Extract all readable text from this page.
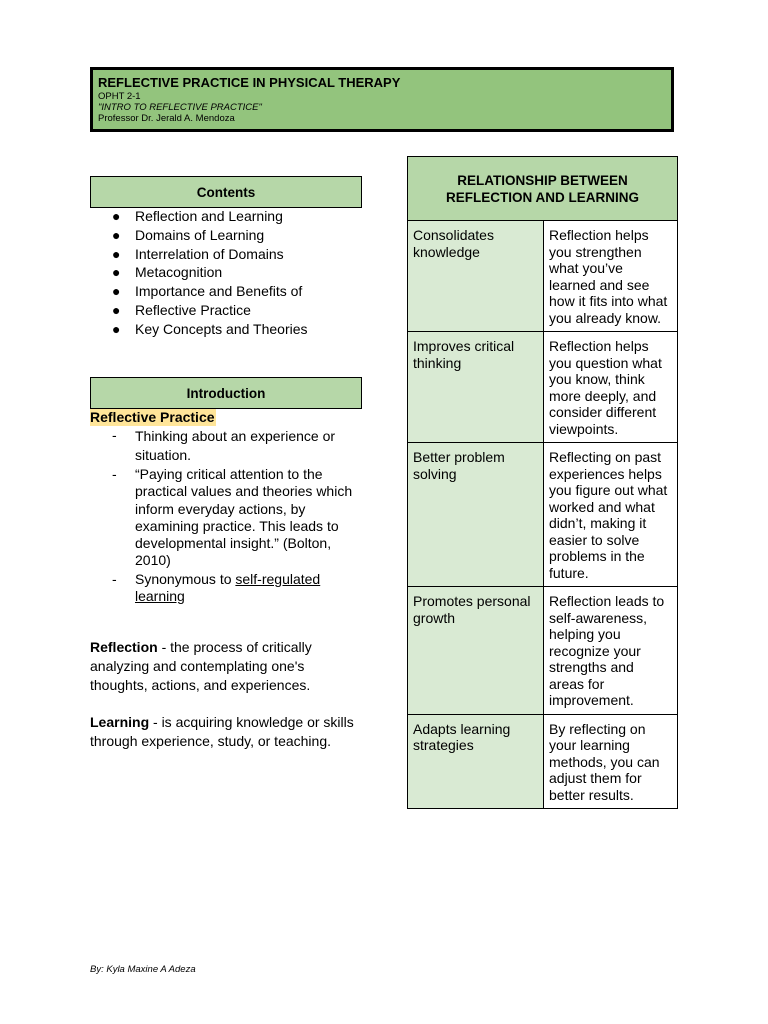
REFLECTIVE PRACTICE IN PHYSICAL THERAPY
OPHT 2-1
"INTRO TO REFLECTIVE PRACTICE"
Professor Dr. Jerald A. Mendoza
Contents
● Reflection and Learning
● Domains of Learning
● Interrelation of Domains
● Metacognition
● Importance and Benefits of
● Reflective Practice
● Key Concepts and Theories
Introduction
Reflective Practice
- Thinking about an experience or
situation.
- “Paying critical attention to the practical values and theories which inform everyday actions, by examining practice. This leads to developmental insight.” (Bolton, 2010)
- Synonymous to self-regulated learning
Reflection - the process of critically analyzing and contemplating one's thoughts, actions, and experiences.
Learning - is acquiring knowledge or skills through experience, study, or teaching.
RELATIONSHIP BETWEEN
REFLECTION AND LEARNING	
Consolidates knowledge	Reflection helps you strengthen what you’ve learned and see how it fits into what you already know.
Improves critical thinking	Reflection helps you question what you know, think more deeply, and consider different viewpoints.
Better problem solving	Reflecting on past experiences helps you figure out what worked and what didn’t, making it easier to solve problems in the future.
Promotes personal growth	Reflection leads to self-awareness, helping you recognize your strengths and areas for improvement.
Adapts learning strategies	By reflecting on your learning methods, you can adjust them for better results.
By: Kyla Maxine A Adeza
